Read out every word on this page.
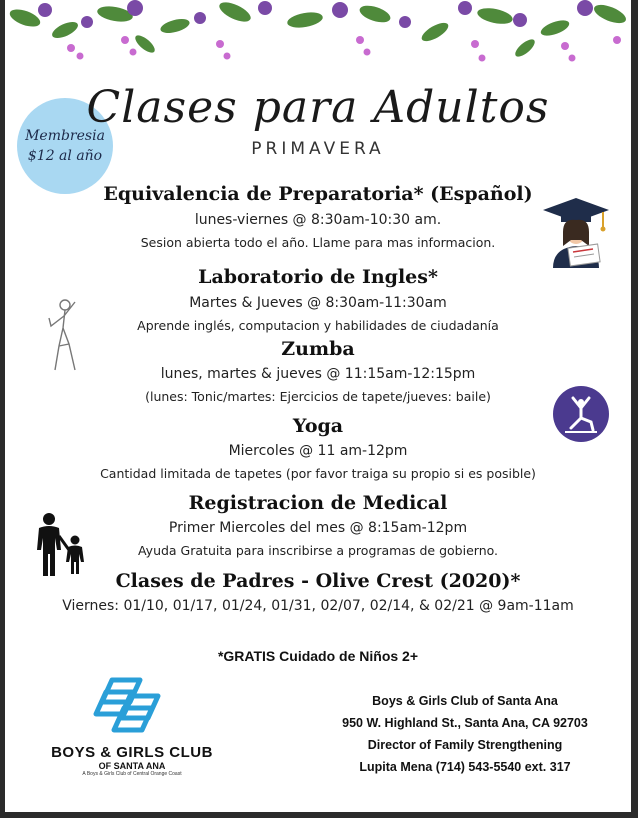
Membresia
$12 al año
Clases para Adultos
PRIMAVERA
Equivalencia de Preparatoria* (Español)
lunes-viernes @ 8:30am-10:30 am.
Sesion abierta todo el año. Llame para mas informacion.
Laboratorio de Ingles*
Martes & Jueves @ 8:30am-11:30am
Aprende inglés, computacion y habilidades de ciudadanía
Zumba
lunes, martes & jueves @ 11:15am-12:15pm
(lunes: Tonic/martes: Ejercicios de tapete/jueves: baile)
Yoga
Miercoles @ 11 am-12pm
Cantidad limitada de tapetes (por favor traiga su propio si es posible)
Registracion de Medical
Primer Miercoles del mes @ 8:15am-12pm
Ayuda Gratuita para inscribirse a programas de gobierno.
Clases de Padres - Olive Crest (2020)*
Viernes: 01/10, 01/17, 01/24, 01/31, 02/07, 02/14, & 02/21 @ 9am-11am
*GRATIS Cuidado de Niños 2+
BOYS & GIRLS CLUB
OF SANTA ANA
A Boys & Girls Club of Central Orange Coast
Boys & Girls Club of Santa Ana
950 W. Highland St., Santa Ana, CA 92703
Director of Family Strengthening
Lupita Mena (714) 543-5540 ext. 317
